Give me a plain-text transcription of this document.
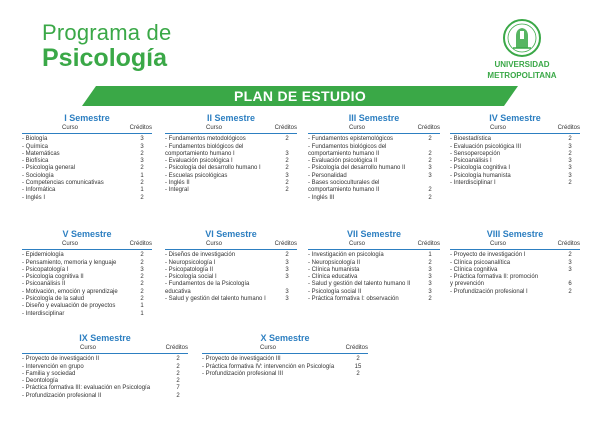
Programa de
Psicología	UNIVERSIDAD
METROPOLITANA
PLAN DE ESTUDIO
I Semestre
Curso	Créditos
- Biología	3
- Química	3
- Matemáticas	2
- Biofísica	3
- Psicología general	2
- Sociología	1
- Competencias comunicativas	2
- Informática	1
- Inglés I	2
II Semestre
Curso	Créditos
- Fundamentos metodológicos	2
- Fundamentos biológicos del
comportamiento humano I	3
- Evaluación psicológica I	2
- Psicología del desarrollo humano I	2
- Escuelas psicológicas	3
- Inglés II	2
- Integral	2
III Semestre
Curso	Créditos
- Fundamentos epistemológicos	2
- Fundamentos biológicos del
comportamiento humano II	2
- Evaluación psicológica II	2
- Psicología del desarrollo humano II	3
- Personalidad	3
- Bases socioculturales del
comportamiento humano II	2
- Inglés III	2
IV Semestre
Curso	Créditos
- Bioestadística	2
- Evaluación psicológica III	3
- Sensopercepción	2
- Psicoanálisis I	3
- Psicología cognitiva I	3
- Psicología humanista	3
- Interdisciplinar I	2
V Semestre
Curso	Créditos
- Epidemiología	2
- Pensamiento, memoria y lenguaje	2
- Psicopatología I	3
- Psicología cognitiva II	2
- Psicoanálisis II	2
- Motivación, emoción y aprendizaje	2
- Psicología de la salud	2
- Diseño y evaluación de proyectos	1
- Interdisciplinar	1
VI Semestre
Curso	Créditos
- Diseños de investigación	2
- Neuropsicología I	3
- Psicopatología II	3
- Psicología social I	3
- Fundamentos de la Psicología
educativa	3
- Salud y gestión del talento humano I	3
VII Semestre
Curso	Créditos
- Investigación en psicología	1
- Neuropsicología II	2
- Clínica humanista	3
- Clínica educativa	3
- Salud y gestión del talento humano II	3
- Psicología social II	3
- Práctica formativa I: observación	2
VIII Semestre
Curso	Créditos
- Proyecto de investigación I	2
- Clínica psicoanalítica	3
- Clínica cognitiva	3
- Práctica formativa II: promoción
y prevención	6
- Profundización profesional I	2
IX Semestre
Curso	Créditos
- Proyecto de investigación II	2
- Intervención en grupo	2
- Familia y sociedad	2
- Deontología	2
- Práctica formativa III: evaluación en Psicología	7
- Profundización profesional II	2
X Semestre
Curso	Créditos
- Proyecto de investigación III	2
- Práctica formativa IV: intervención en Psicología	15
- Profundización profesional III	2
